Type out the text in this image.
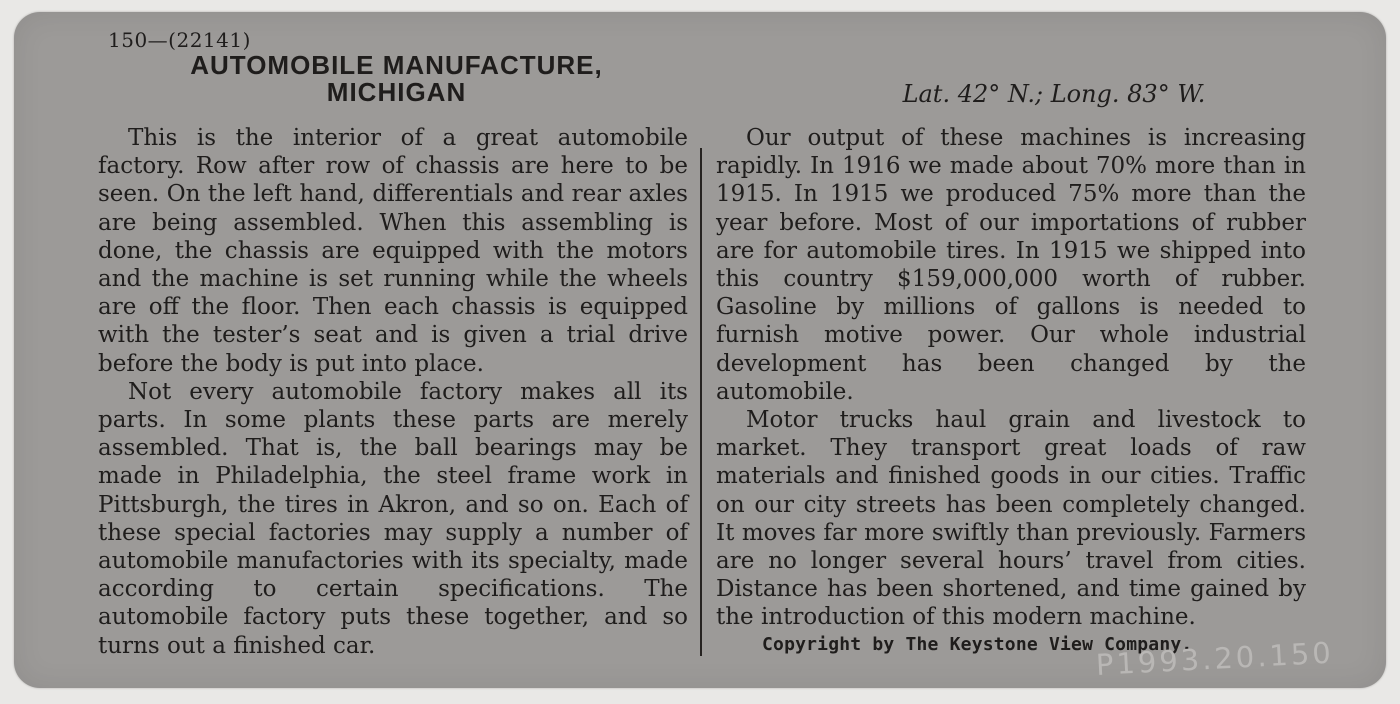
150—(22141)
AUTOMOBILE MANUFACTURE,
MICHIGAN	Lat. 42° N.; Long. 83° W.

This is the interior of a great automobile factory. Row after row of chassis are here to be seen. On the left hand, differentials and rear axles are being assembled. When this assembling is done, the chassis are equipped with the motors and the machine is set running while the wheels are off the floor. Then each chassis is equipped with the tester’s seat and is given a trial drive before the body is put into place.

Not every automobile factory makes all its parts. In some plants these parts are merely assembled. That is, the ball bearings may be made in Philadelphia, the steel frame work in Pittsburgh, the tires in Akron, and so on. Each of these special factories may supply a number of automobile manufactories with its specialty, made according to certain specifications. The automobile factory puts these together, and so turns out a finished car.

Our output of these machines is increasing rapidly. In 1916 we made about 70% more than in 1915. In 1915 we produced 75% more than the year before. Most of our importations of rubber are for automobile tires. In 1915 we shipped into this country $159,000,000 worth of rubber. Gasoline by millions of gallons is needed to furnish motive power. Our whole industrial development has been changed by the automobile.

Motor trucks haul grain and livestock to market. They transport great loads of raw materials and finished goods in our cities. Traffic on our city streets has been completely changed. It moves far more swiftly than previously. Farmers are no longer several hours’ travel from cities. Distance has been shortened, and time gained by the introduction of this modern machine.

Copyright by The Keystone View Company.
P1993.20.150
